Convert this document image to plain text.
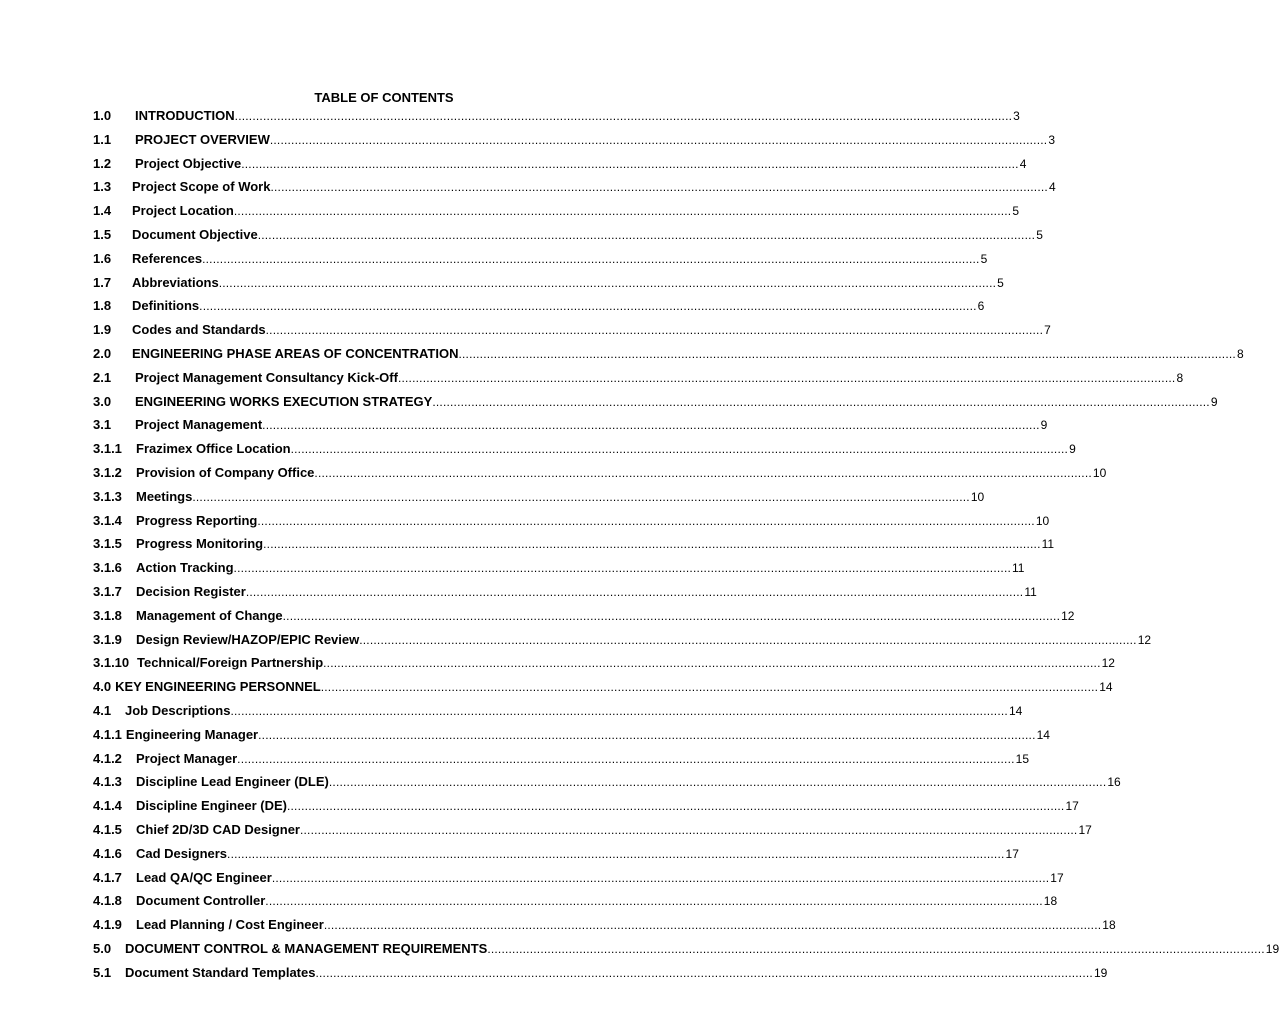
TABLE OF CONTENTS
1.0	INTRODUCTION ............................................................................................................................................................................................................................ 3
1.1	PROJECT OVERVIEW ............................................................................................................................................................................................................................ 3
1.2	Project Objective ............................................................................................................................................................................................................................ 4
1.3	Project Scope of Work ............................................................................................................................................................................................................................ 4
1.4	Project Location ............................................................................................................................................................................................................................ 5
1.5	Document Objective ............................................................................................................................................................................................................................ 5
1.6	References ............................................................................................................................................................................................................................ 5
1.7	Abbreviations ............................................................................................................................................................................................................................ 5
1.8	Definitions ............................................................................................................................................................................................................................ 6
1.9	Codes and Standards ............................................................................................................................................................................................................................ 7
2.0	ENGINEERING PHASE AREAS OF CONCENTRATION ............................................................................................................................................................................................................................ 8
2.1	Project Management Consultancy Kick-Off ............................................................................................................................................................................................................................ 8
3.0	ENGINEERING WORKS EXECUTION STRATEGY ............................................................................................................................................................................................................................ 9
3.1	Project Management ............................................................................................................................................................................................................................ 9
3.1.1	Frazimex Office Location ............................................................................................................................................................................................................................ 9
3.1.2	Provision of Company Office ............................................................................................................................................................................................................................ 10
3.1.3	Meetings ............................................................................................................................................................................................................................ 10
3.1.4	Progress Reporting ............................................................................................................................................................................................................................ 10
3.1.5	Progress Monitoring ............................................................................................................................................................................................................................ 11
3.1.6	Action Tracking ............................................................................................................................................................................................................................ 11
3.1.7	Decision Register ............................................................................................................................................................................................................................ 11
3.1.8	Management of Change ............................................................................................................................................................................................................................ 12
3.1.9	Design Review/HAZOP/EPIC Review ............................................................................................................................................................................................................................ 12
3.1.10 Technical/Foreign Partnership ............................................................................................................................................................................................................................ 12
4.0 KEY ENGINEERING PERSONNEL ............................................................................................................................................................................................................................ 14
4.1	Job Descriptions ............................................................................................................................................................................................................................ 14
4.1.1 Engineering Manager ............................................................................................................................................................................................................................ 14
4.1.2	Project Manager ............................................................................................................................................................................................................................ 15
4.1.3	Discipline Lead Engineer (DLE) ............................................................................................................................................................................................................................ 16
4.1.4	Discipline Engineer (DE) ............................................................................................................................................................................................................................ 17
4.1.5	Chief 2D/3D CAD Designer ............................................................................................................................................................................................................................ 17
4.1.6	Cad Designers ............................................................................................................................................................................................................................ 17
4.1.7	Lead QA/QC Engineer ............................................................................................................................................................................................................................ 17
4.1.8	Document Controller ............................................................................................................................................................................................................................ 18
4.1.9	Lead Planning / Cost Engineer ............................................................................................................................................................................................................................ 18
5.0	DOCUMENT CONTROL & MANAGEMENT REQUIREMENTS ............................................................................................................................................................................................................................ 19
5.1	Document Standard Templates ............................................................................................................................................................................................................................ 19
